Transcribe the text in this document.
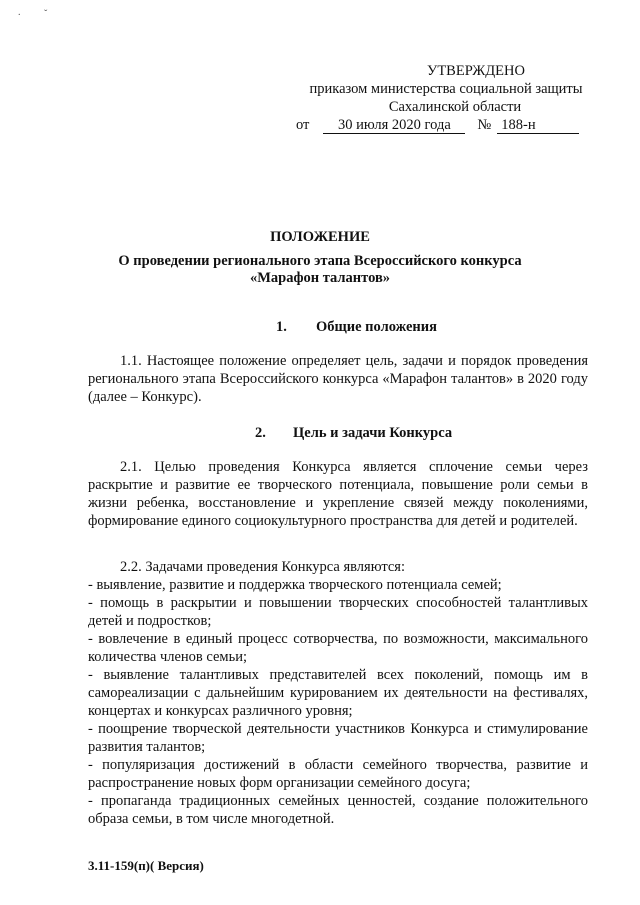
. ˇ
УТВЕРЖДЕНО
приказом министерства социальной защиты
Сахалинской области
от 30 июля 2020 года № 188-н
ПОЛОЖЕНИЕ
О проведении регионального этапа Всероссийского конкурса
«Марафон талантов»
1. Общие положения

1.1. Настоящее положение определяет цель, задачи и порядок проведения регионального этапа Всероссийского конкурса «Марафон талантов» в 2020 году (далее – Конкурс).

2. Цель и задачи Конкурса

2.1. Целью проведения Конкурса является сплочение семьи через раскрытие и развитие ее творческого потенциала, повышение роли семьи в жизни ребенка, восстановление и укрепление связей между поколениями, формирование единого социокультурного пространства для детей и родителей.

2.2. Задачами проведения Конкурса являются:

- выявление, развитие и поддержка творческого потенциала семей;

- помощь в раскрытии и повышении творческих способностей талантливых детей и подростков;

- вовлечение в единый процесс сотворчества, по возможности, максимального количества членов семьи;

- выявление талантливых представителей всех поколений, помощь им в самореализации с дальнейшим курированием их деятельности на фестивалях, концертах и конкурсах различного уровня;

- поощрение творческой деятельности участников Конкурса и стимулирование развития талантов;

- популяризация достижений в области семейного творчества, развитие и распространение новых форм организации семейного досуга;

- пропаганда традиционных семейных ценностей, создание положительного образа семьи, в том числе многодетной.

3.11-159(п)( Версия)
